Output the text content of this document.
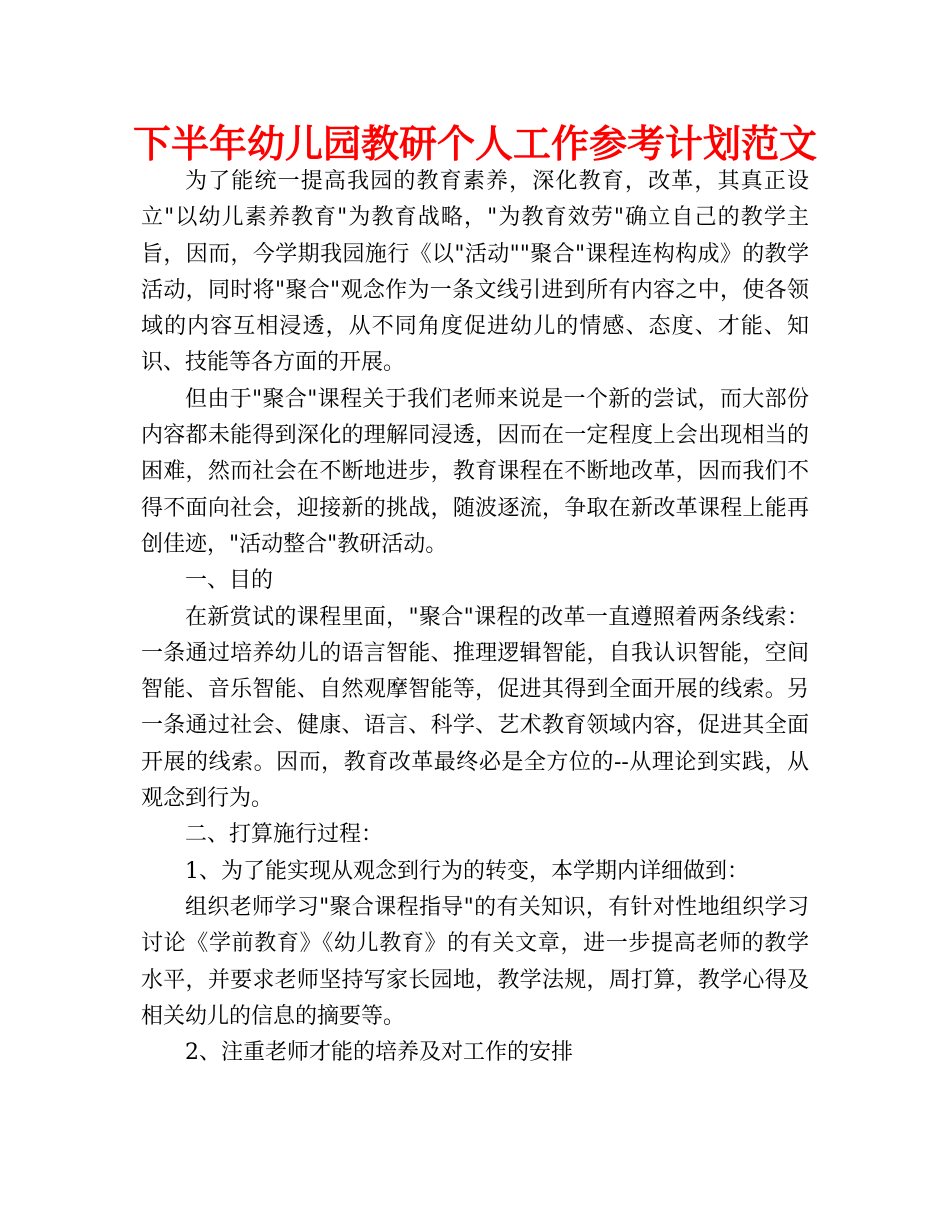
下半年幼儿园教研个人工作参考计划范文

为了能统一提高我园的教育素养，深化教育，改革，其真正设立"以幼儿素养教育"为教育战略，"为教育效劳"确立自己的教学主旨，因而，今学期我园施行《以"活动""聚合"课程连构构成》的教学活动，同时将"聚合"观念作为一条文线引进到所有内容之中，使各领域的内容互相浸透，从不同角度促进幼儿的情感、态度、才能、知识、技能等各方面的开展。

但由于"聚合"课程关于我们老师来说是一个新的尝试，而大部份内容都未能得到深化的理解同浸透，因而在一定程度上会出现相当的困难，然而社会在不断地进步，教育课程在不断地改革，因而我们不得不面向社会，迎接新的挑战，随波逐流，争取在新改革课程上能再创佳迹，"活动整合"教研活动。

一、目的

在新赏试的课程里面，"聚合"课程的改革一直遵照着两条线索：一条通过培养幼儿的语言智能、推理逻辑智能，自我认识智能，空间智能、音乐智能、自然观摩智能等，促进其得到全面开展的线索。另一条通过社会、健康、语言、科学、艺术教育领域内容，促进其全面开展的线索。因而，教育改革最终必是全方位的--从理论到实践，从观念到行为。

二、打算施行过程：

1、为了能实现从观念到行为的转变，本学期内详细做到：

组织老师学习"聚合课程指导"的有关知识，有针对性地组织学习讨论《学前教育》《幼儿教育》的有关文章，进一步提高老师的教学水平，并要求老师坚持写家长园地，教学法规，周打算，教学心得及相关幼儿的信息的摘要等。

2、注重老师才能的培养及对工作的安排
